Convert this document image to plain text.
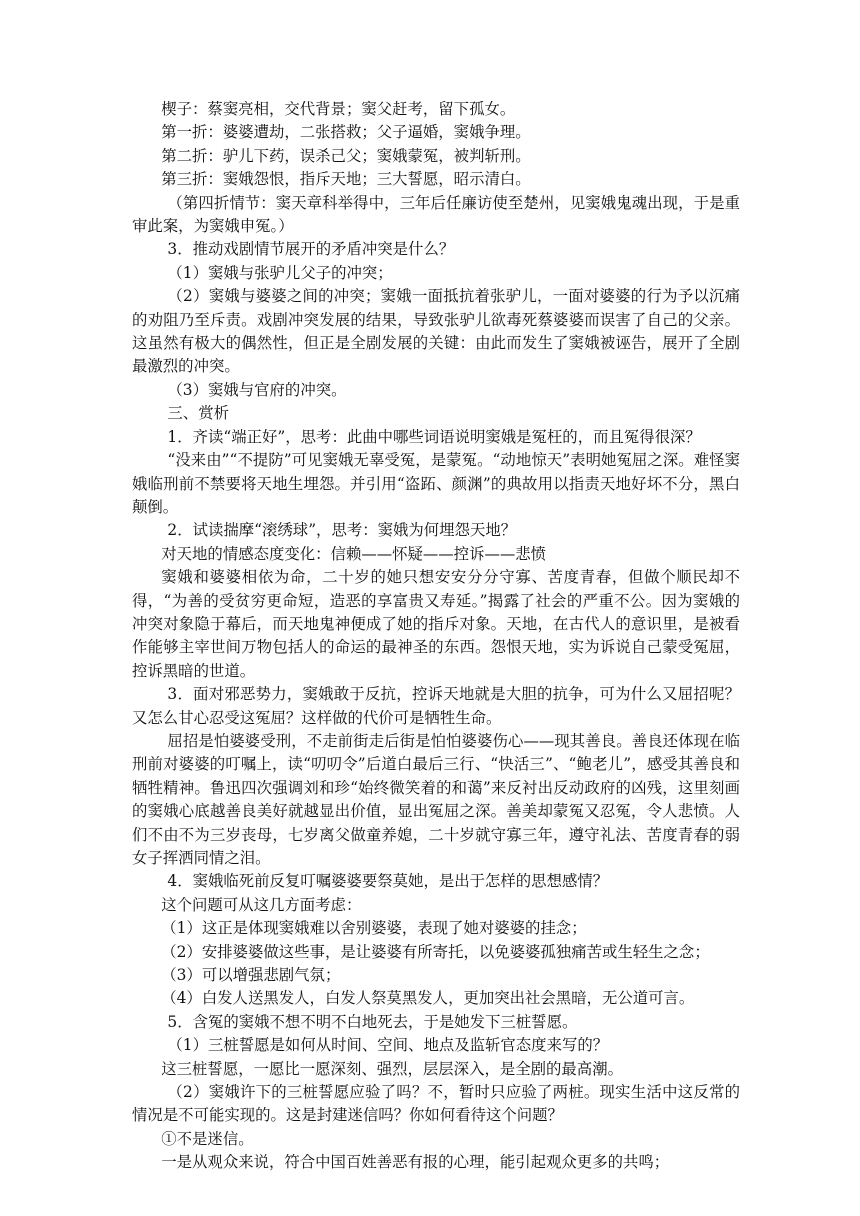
楔子：蔡窦亮相，交代背景；窦父赶考，留下孤女。

第一折：婆婆遭劫，二张搭救；父子逼婚，窦娥争理。

第二折：驴儿下药，误杀己父；窦娥蒙冤，被判斩刑。

第三折：窦娥怨恨，指斥天地；三大誓愿，昭示清白。

（第四折情节：窦天章科举得中，三年后任廉访使至楚州，见窦娥鬼魂出现，于是重审此案，为窦娥申冤。）

3．推动戏剧情节展开的矛盾冲突是什么？

（1）窦娥与张驴儿父子的冲突；

（2）窦娥与婆婆之间的冲突；窦娥一面抵抗着张驴儿，一面对婆婆的行为予以沉痛的劝阻乃至斥责。戏剧冲突发展的结果，导致张驴儿欲毒死蔡婆婆而误害了自己的父亲。这虽然有极大的偶然性，但正是全剧发展的关键：由此而发生了窦娥被诬告，展开了全剧最激烈的冲突。

（3）窦娥与官府的冲突。

三、赏析

1．齐读“端正好”，思考：此曲中哪些词语说明窦娥是冤枉的，而且冤得很深？

“没来由”“不提防”可见窦娥无辜受冤，是蒙冤。“动地惊天”表明她冤屈之深。难怪窦娥临刑前不禁要将天地生埋怨。并引用“盗跖、颜渊”的典故用以指责天地好坏不分，黑白颠倒。

2．试读揣摩“滚绣球”，思考：窦娥为何埋怨天地？

对天地的情感态度变化：信赖——怀疑——控诉——悲愤

窦娥和婆婆相依为命，二十岁的她只想安安分分守寡、苦度青春，但做个顺民却不得，“为善的受贫穷更命短，造恶的享富贵又寿延。”揭露了社会的严重不公。因为窦娥的冲突对象隐于幕后，而天地鬼神便成了她的指斥对象。天地，在古代人的意识里，是被看作能够主宰世间万物包括人的命运的最神圣的东西。怨恨天地，实为诉说自己蒙受冤屈，控诉黑暗的世道。

3．面对邪恶势力，窦娥敢于反抗，控诉天地就是大胆的抗争，可为什么又屈招呢？又怎么甘心忍受这冤屈？这样做的代价可是牺牲生命。

屈招是怕婆婆受刑，不走前街走后街是怕怕婆婆伤心——现其善良。善良还体现在临刑前对婆婆的叮嘱上，读“叨叨令”后道白最后三行、“快活三”、“鲍老儿”，感受其善良和牺牲精神。鲁迅四次强调刘和珍“始终微笑着的和蔼”来反衬出反动政府的凶残，这里刻画的窦娥心底越善良美好就越显出价值，显出冤屈之深。善美却蒙冤又忍冤，令人悲愤。人们不由不为三岁丧母，七岁离父做童养媳，二十岁就守寡三年，遵守礼法、苦度青春的弱女子挥洒同情之泪。

4．窦娥临死前反复叮嘱婆婆要祭莫她，是出于怎样的思想感情？

这个问题可从这几方面考虑：

（1）这正是体现窦娥难以舍别婆婆，表现了她对婆婆的挂念；

（2）安排婆婆做这些事，是让婆婆有所寄托，以免婆婆孤独痛苦或生轻生之念；

（3）可以增强悲剧气氛；

（4）白发人送黑发人，白发人祭莫黑发人，更加突出社会黑暗，无公道可言。

5．含冤的窦娥不想不明不白地死去，于是她发下三桩誓愿。

（1）三桩誓愿是如何从时间、空间、地点及监斩官态度来写的？

这三桩誓愿，一愿比一愿深刻、强烈，层层深入，是全剧的最高潮。

（2）窦娥许下的三桩誓愿应验了吗？不，暂时只应验了两桩。现实生活中这反常的情况是不可能实现的。这是封建迷信吗？你如何看待这个问题？

①不是迷信。

一是从观众来说，符合中国百姓善恶有报的心理，能引起观众更多的共鸣；
